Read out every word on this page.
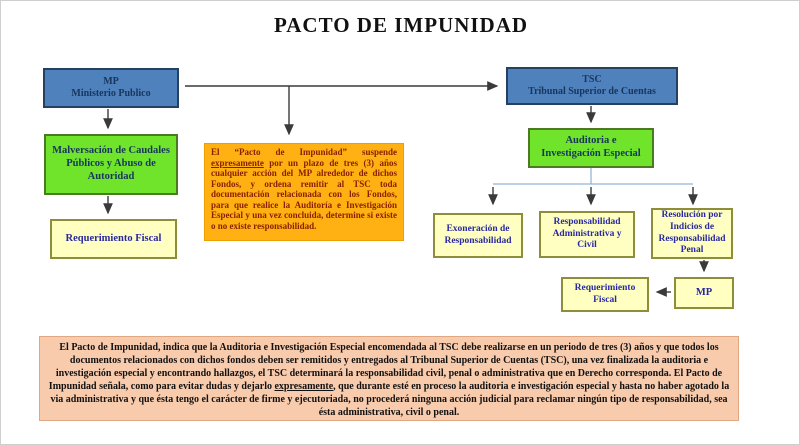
PACTO DE IMPUNIDAD
MP
Ministerio Publico
Malversación de Caudales Públicos y Abuso de Autoridad
Requerimiento Fiscal
El “Pacto de Impunidad” suspende expresamente por un plazo de tres (3) años cualquier acción del MP alrededor de dichos Fondos, y ordena remitir al TSC toda documentación relacionada con los Fondos, para que realice la Auditoría e Investigación Especial y una vez concluida, determine si existe o no existe responsabilidad.
TSC
Tribunal Superior de Cuentas
Auditoria e Investigación Especial
Exoneración de Responsabilidad
Responsabilidad Administrativa y Civil
Resolución por Indicios de Responsabilidad Penal
Requerimiento Fiscal
MP
El Pacto de Impunidad, indica que la Auditoria e Investigación Especial encomendada al TSC debe realizarse en un periodo de tres (3) años y que todos los documentos relacionados con dichos fondos deben ser remitidos y entregados al Tribunal Superior de Cuentas (TSC), una vez finalizada la auditoria e investigación especial y encontrando hallazgos, el TSC determinará la responsabilidad civil, penal o administrativa que en Derecho corresponda. El Pacto de Impunidad señala, como para evitar dudas y dejarlo expresamente, que durante esté en proceso la auditoria e investigación especial y hasta no haber agotado la via administrativa y que ésta tengo el carácter de firme y ejecutoriada, no procederá ninguna acción judicial para reclamar ningún tipo de responsabilidad, sea ésta administrativa, civil o penal.
